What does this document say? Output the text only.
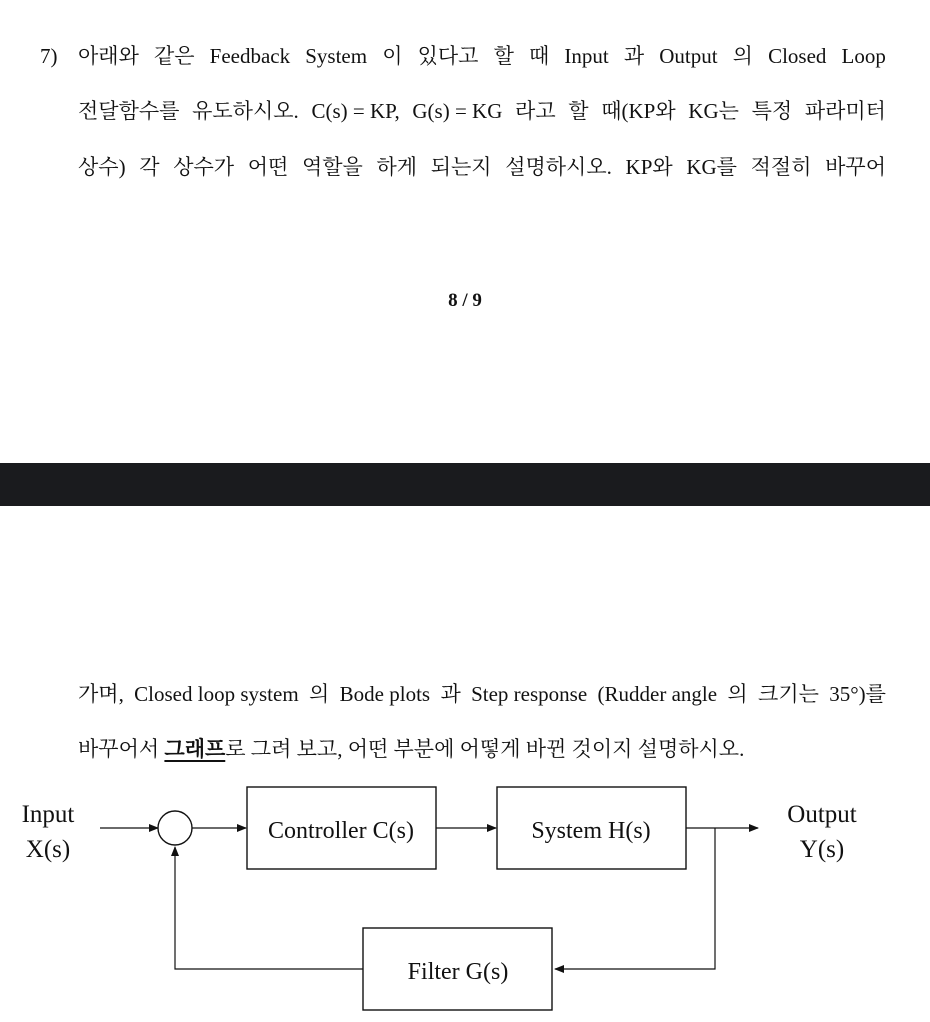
7) 아래와 같은 Feedback System 이 있다고 할 때 Input 과 Output 의 Closed Loop
전달함수를 유도하시오. C(s) = KP, G(s) = KG 라고 할 때(KP와 KG는 특정 파라미터
상수) 각 상수가 어떤 역할을 하게 되는지 설명하시오. KP와 KG를 적절히 바꾸어
8 / 9
가며, Closed loop system 의 Bode plots 과 Step response (Rudder angle 의 크기는 35°)를
바꾸어서 그래프로 그려 보고, 어떤 부분에 어떻게 바뀐 것이지 설명하시오.
Input
X(s)
Output
Y(s)
Controller C(s)	System H(s)
Filter G(s)
